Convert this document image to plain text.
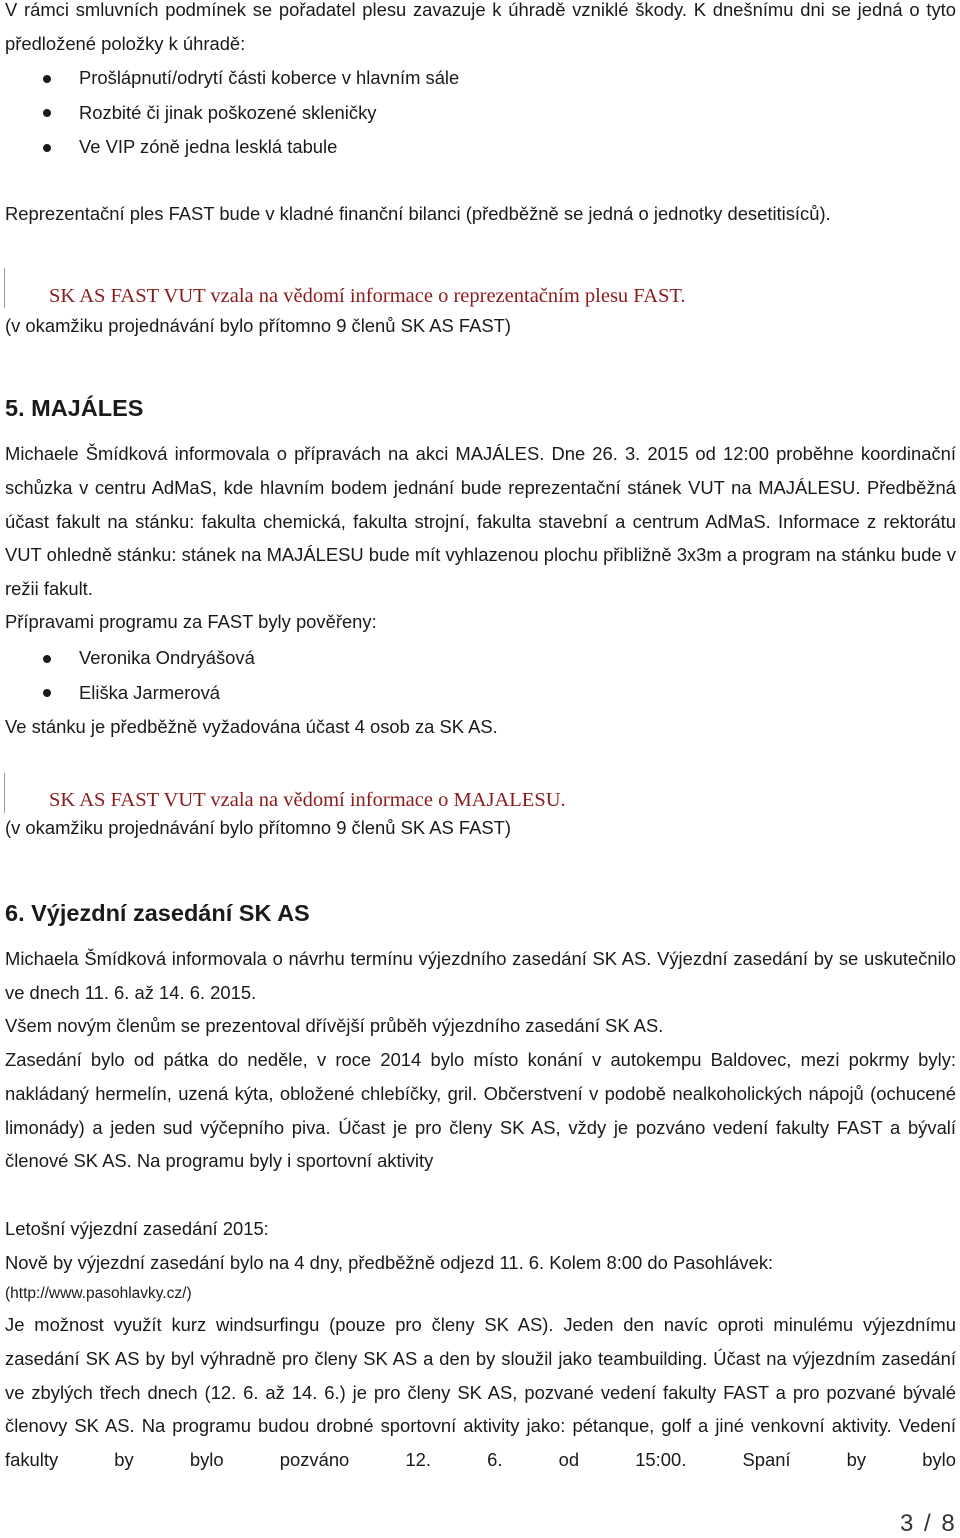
V rámci smluvních podmínek se pořadatel plesu zavazuje k úhradě vzniklé škody. K dnešnímu dni se jedná o tyto předložené položky k úhradě:

Prošlápnutí/odrytí části koberce v hlavním sále
Rozbité či jinak poškozené skleničky
Ve VIP zóně jedna lesklá tabule

Reprezentační ples FAST bude v kladné finanční bilanci (předběžně se jedná o jednotky desetitisíců).

SK AS FAST VUT vzala na vědomí informace o reprezentačním plesu FAST.

(v okamžiku projednávání bylo přítomno 9 členů SK AS FAST)

5. MAJÁLES

Michaele Šmídková informovala o přípravách na akci MAJÁLES. Dne 26. 3. 2015 od 12:00 proběhne koordinační schůzka v centru AdMaS, kde hlavním bodem jednání bude reprezentační stánek VUT na MAJÁLESU. Předběžná účast fakult na stánku: fakulta chemická, fakulta strojní, fakulta stavební a centrum AdMaS. Informace z rektorátu VUT ohledně stánku: stánek na MAJÁLESU bude mít vyhlazenou plochu přibližně 3x3m a program na stánku bude v režii fakult.

Přípravami programu za FAST byly pověřeny:

Veronika Ondryášová
Eliška Jarmerová

Ve stánku je předběžně vyžadována účast 4 osob za SK AS.

SK AS FAST VUT vzala na vědomí informace o MAJALESU.

(v okamžiku projednávání bylo přítomno 9 členů SK AS FAST)

6. Výjezdní zasedání SK AS

Michaela Šmídková informovala o návrhu termínu výjezdního zasedání SK AS. Výjezdní zasedání by se uskutečnilo ve dnech 11. 6. až 14. 6. 2015.

Všem novým členům se prezentoval dřívější průběh výjezdního zasedání SK AS.

Zasedání bylo od pátka do neděle, v roce 2014 bylo místo konání v autokempu Baldovec, mezi pokrmy byly: nakládaný hermelín, uzená kýta, obložené chlebíčky, gril. Občerstvení v podobě nealkoholických nápojů (ochucené limonády) a jeden sud výčepního piva. Účast je pro členy SK AS, vždy je pozváno vedení fakulty FAST a bývalí členové SK AS. Na programu byly i sportovní aktivity

Letošní výjezdní zasedání 2015:

Nově by výjezdní zasedání bylo na 4 dny, předběžně odjezd 11. 6. Kolem 8:00 do Pasohlávek:

(http://www.pasohlavky.cz/)

Je možnost využít kurz windsurfingu (pouze pro členy SK AS). Jeden den navíc oproti minulému výjezdnímu zasedání SK AS by byl výhradně pro členy SK AS a den by sloužil jako teambuilding. Účast na výjezdním zasedání ve zbylých třech dnech (12. 6. až 14. 6.) je pro členy SK AS, pozvané vedení fakulty FAST a pro pozvané bývalé členovy SK AS. Na programu budou drobné sportovní aktivity jako: pétanque, golf a jiné venkovní aktivity. Vedení fakulty by bylo pozváno 12. 6. od 15:00. Spaní by bylo

3 / 8
